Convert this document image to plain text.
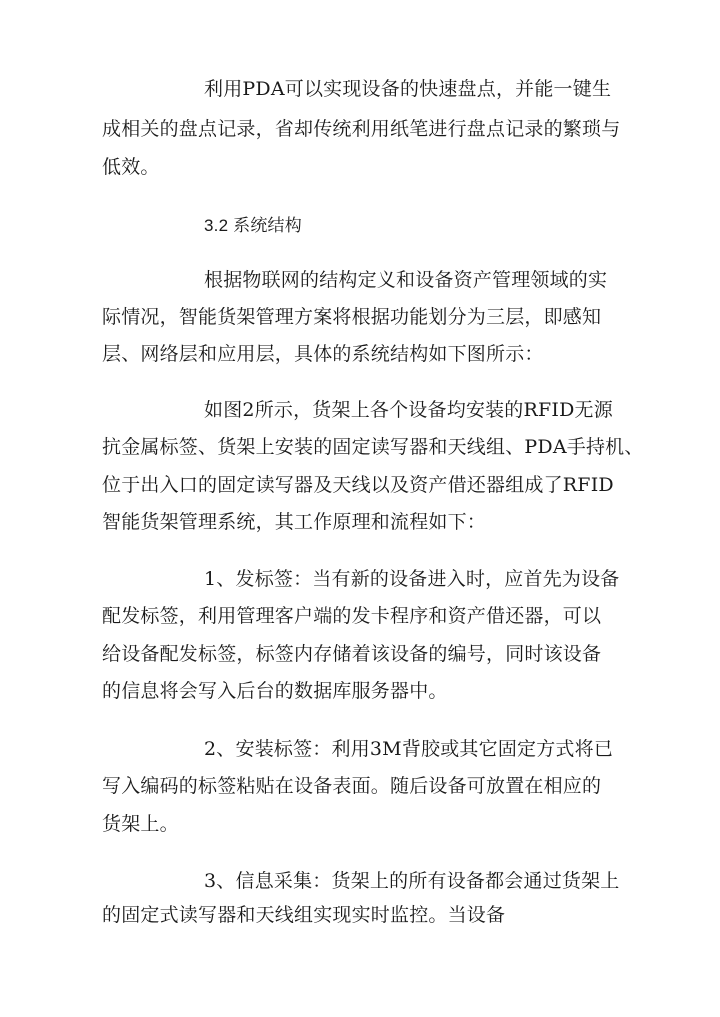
利用PDA可以实现设备的快速盘点，并能一键生
成相关的盘点记录，省却传统利用纸笔进行盘点记录的繁琐与
低效。
3.2 系统结构
根据物联网的结构定义和设备资产管理领域的实
际情况，智能货架管理方案将根据功能划分为三层，即感知
层、网络层和应用层，具体的系统结构如下图所示：
如图2所示，货架上各个设备均安装的RFID无源
抗金属标签、货架上安装的固定读写器和天线组、PDA手持机、
位于出入口的固定读写器及天线以及资产借还器组成了RFID
智能货架管理系统，其工作原理和流程如下：
1、发标签：当有新的设备进入时，应首先为设备
配发标签，利用管理客户端的发卡程序和资产借还器，可以
给设备配发标签，标签内存储着该设备的编号，同时该设备
的信息将会写入后台的数据库服务器中。
2、安装标签：利用3M背胶或其它固定方式将已
写入编码的标签粘贴在设备表面。随后设备可放置在相应的
货架上。
3、信息采集：货架上的所有设备都会通过货架上
的固定式读写器和天线组实现实时监控。当设备
